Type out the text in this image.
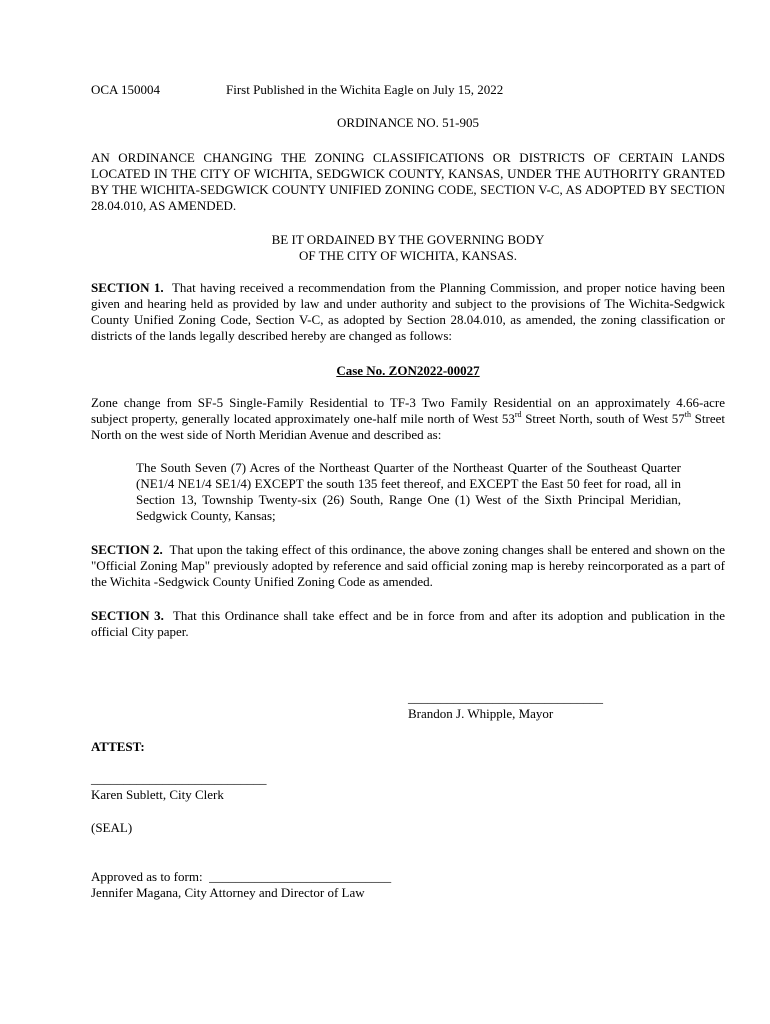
OCA 150004	First Published in the Wichita Eagle on July 15, 2022
ORDINANCE NO. 51-905
AN ORDINANCE CHANGING THE ZONING CLASSIFICATIONS OR DISTRICTS OF CERTAIN LANDS LOCATED IN THE CITY OF WICHITA, SEDGWICK COUNTY, KANSAS, UNDER THE AUTHORITY GRANTED BY THE WICHITA-SEDGWICK COUNTY UNIFIED ZONING CODE, SECTION V-C, AS ADOPTED BY SECTION 28.04.010, AS AMENDED.
BE IT ORDAINED BY THE GOVERNING BODY
OF THE CITY OF WICHITA, KANSAS.
SECTION 1. That having received a recommendation from the Planning Commission, and proper notice having been given and hearing held as provided by law and under authority and subject to the provisions of The Wichita-Sedgwick County Unified Zoning Code, Section V-C, as adopted by Section 28.04.010, as amended, the zoning classification or districts of the lands legally described hereby are changed as follows:
Case No. ZON2022-00027
Zone change from SF-5 Single-Family Residential to TF-3 Two Family Residential on an approximately 4.66-acre subject property, generally located approximately one-half mile north of West 53rd Street North, south of West 57th Street North on the west side of North Meridian Avenue and described as:
The South Seven (7) Acres of the Northeast Quarter of the Northeast Quarter of the Southeast Quarter (NE1/4 NE1/4 SE1/4) EXCEPT the south 135 feet thereof, and EXCEPT the East 50 feet for road, all in Section 13, Township Twenty-six (26) South, Range One (1) West of the Sixth Principal Meridian, Sedgwick County, Kansas;
SECTION 2. That upon the taking effect of this ordinance, the above zoning changes shall be entered and shown on the "Official Zoning Map" previously adopted by reference and said official zoning map is hereby reincorporated as a part of the Wichita -Sedgwick County Unified Zoning Code as amended.
SECTION 3. That this Ordinance shall take effect and be in force from and after its adoption and publication in the official City paper.
______________________________
Brandon J. Whipple, Mayor
ATTEST:
___________________________
Karen Sublett, City Clerk
(SEAL)
Approved as to form: ____________________________
Jennifer Magana, City Attorney and Director of Law
